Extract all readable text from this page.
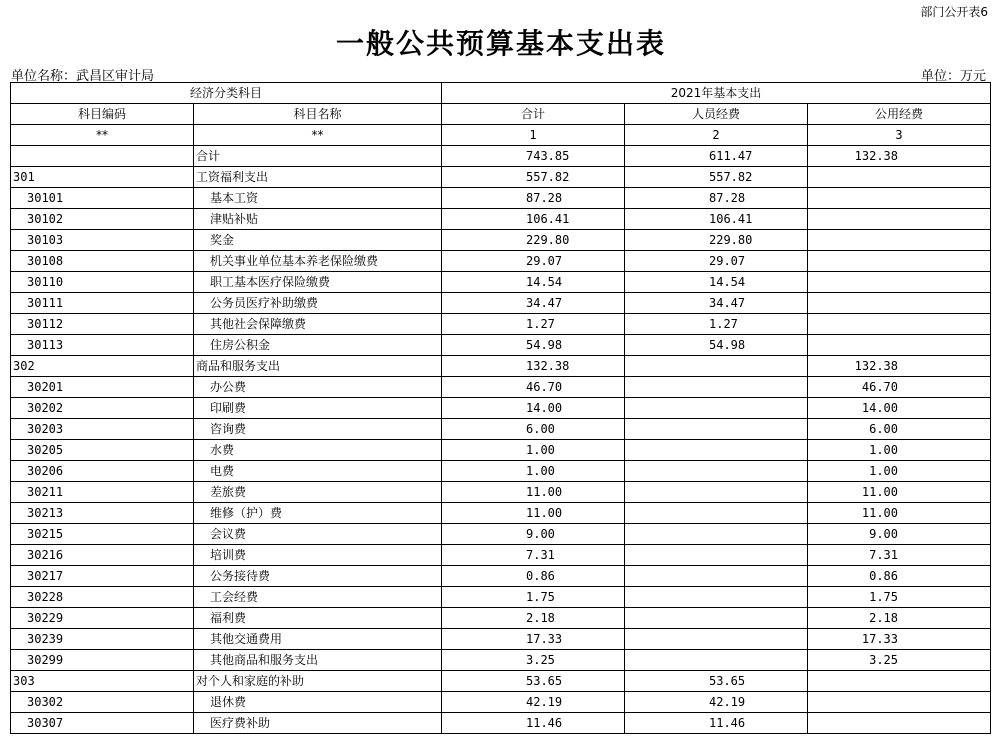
部门公开表6
一般公共预算基本支出表
单位名称：武昌区审计局	单位：万元
经济分类科目		2021年基本支出		
科目编码	科目名称	合计	人员经费	公用经费
**	**	1	2	3
	合计	743.85	611.47	132.38
301	工资福利支出	557.82	557.82	
30101	基本工资	87.28	87.28	
30102	津贴补贴	106.41	106.41	
30103	奖金	229.80	229.80	
30108	机关事业单位基本养老保险缴费	29.07	29.07	
30110	职工基本医疗保险缴费	14.54	14.54	
30111	公务员医疗补助缴费	34.47	34.47	
30112	其他社会保障缴费	1.27	1.27	
30113	住房公积金	54.98	54.98	
302	商品和服务支出	132.38		132.38
30201	办公费	46.70		46.70
30202	印刷费	14.00		14.00
30203	咨询费	6.00		6.00
30205	水费	1.00		1.00
30206	电费	1.00		1.00
30211	差旅费	11.00		11.00
30213	维修（护）费	11.00		11.00
30215	会议费	9.00		9.00
30216	培训费	7.31		7.31
30217	公务接待费	0.86		0.86
30228	工会经费	1.75		1.75
30229	福利费	2.18		2.18
30239	其他交通费用	17.33		17.33
30299	其他商品和服务支出	3.25		3.25
303	对个人和家庭的补助	53.65	53.65	
30302	退休费	42.19	42.19	
30307	医疗费补助	11.46	11.46	
